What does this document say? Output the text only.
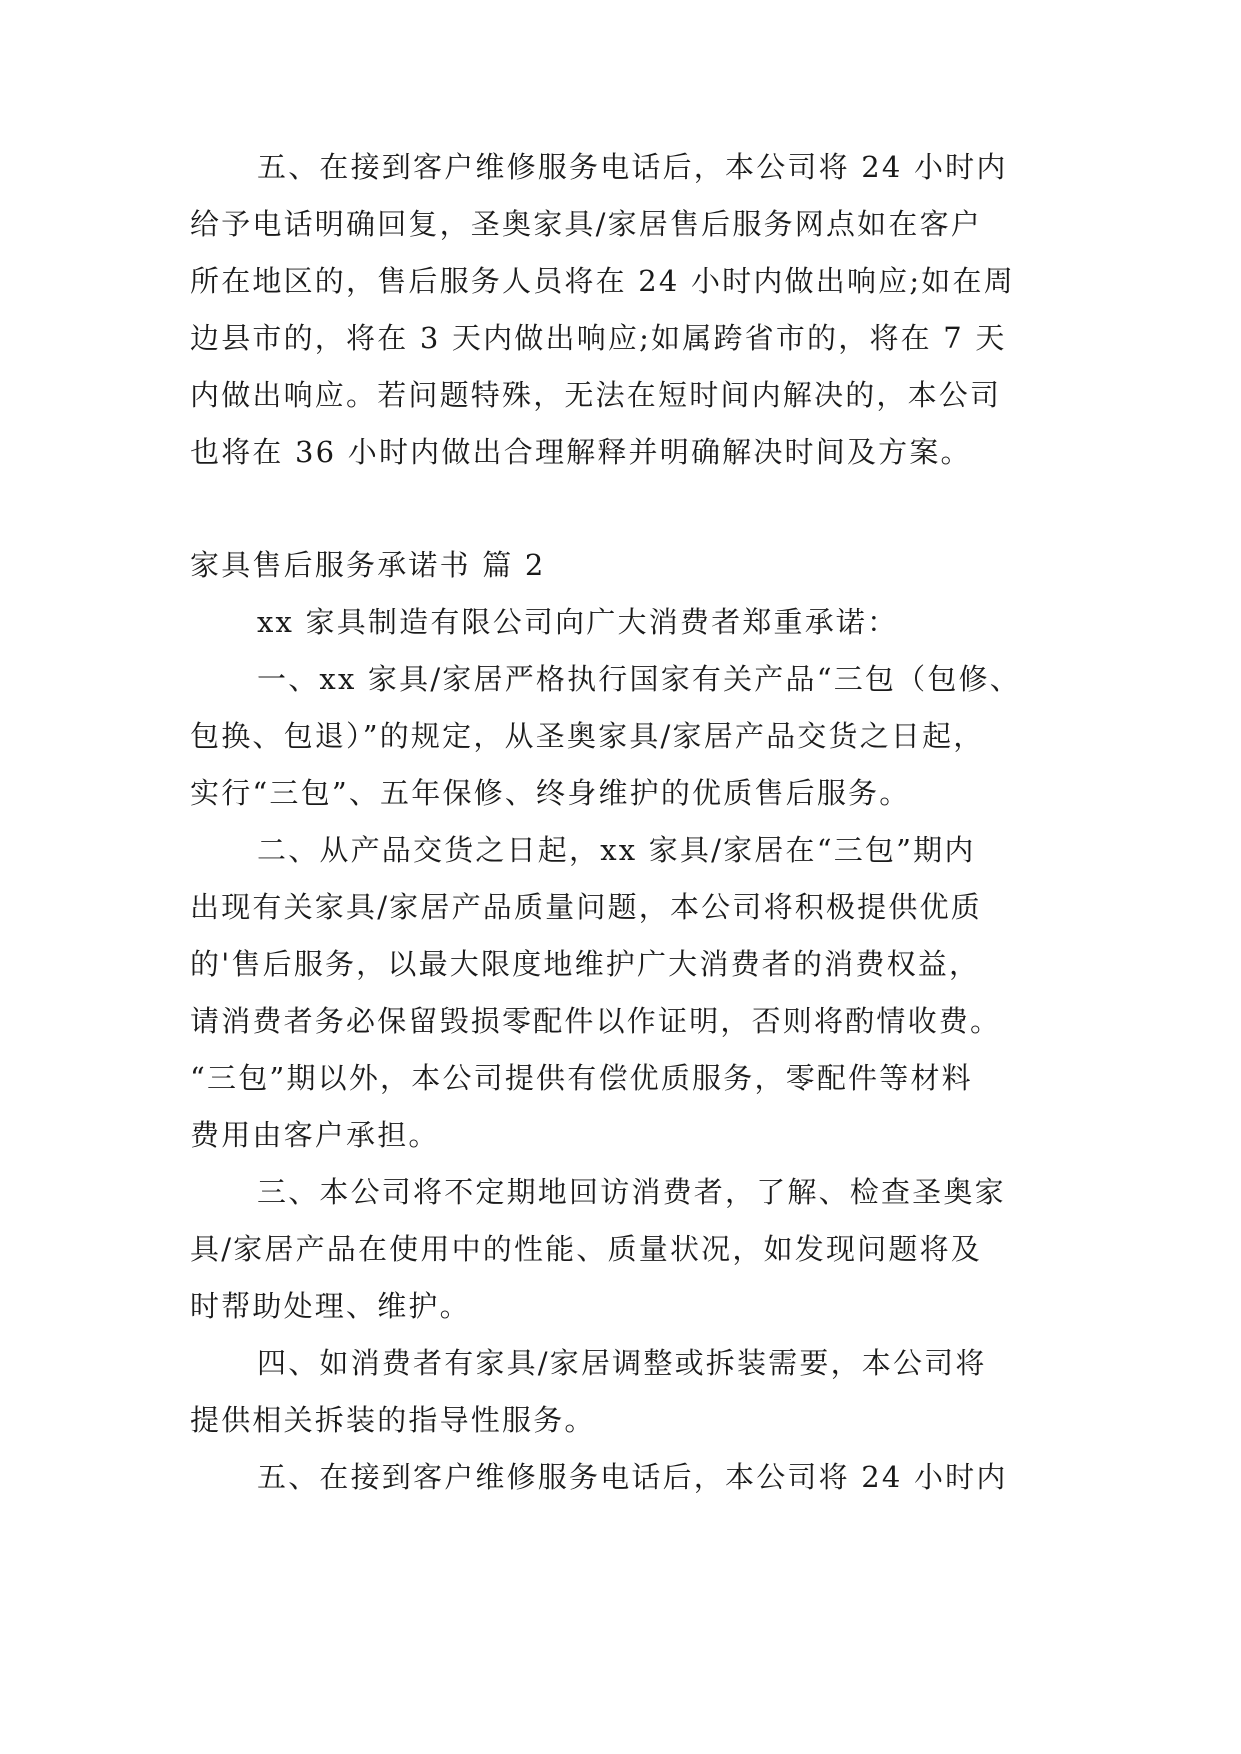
五、在接到客户维修服务电话后，本公司将 24 小时内

给予电话明确回复，圣奥家具/家居售后服务网点如在客户

所在地区的，售后服务人员将在 24 小时内做出响应;如在周

边县市的，将在 3 天内做出响应;如属跨省市的，将在 7 天

内做出响应。若问题特殊，无法在短时间内解决的，本公司

也将在 36 小时内做出合理解释并明确解决时间及方案。

家具售后服务承诺书 篇 2

xx 家具制造有限公司向广大消费者郑重承诺：

一、xx 家具/家居严格执行国家有关产品“三包（包修、

包换、包退）”的规定，从圣奥家具/家居产品交货之日起，

实行“三包”、五年保修、终身维护的优质售后服务。

二、从产品交货之日起，xx 家具/家居在“三包”期内

出现有关家具/家居产品质量问题，本公司将积极提供优质

的'售后服务，以最大限度地维护广大消费者的消费权益，

请消费者务必保留毁损零配件以作证明，否则将酌情收费。

“三包”期以外，本公司提供有偿优质服务，零配件等材料

费用由客户承担。

三、本公司将不定期地回访消费者，了解、检查圣奥家

具/家居产品在使用中的性能、质量状况，如发现问题将及

时帮助处理、维护。

四、如消费者有家具/家居调整或拆装需要，本公司将

提供相关拆装的指导性服务。

五、在接到客户维修服务电话后，本公司将 24 小时内
